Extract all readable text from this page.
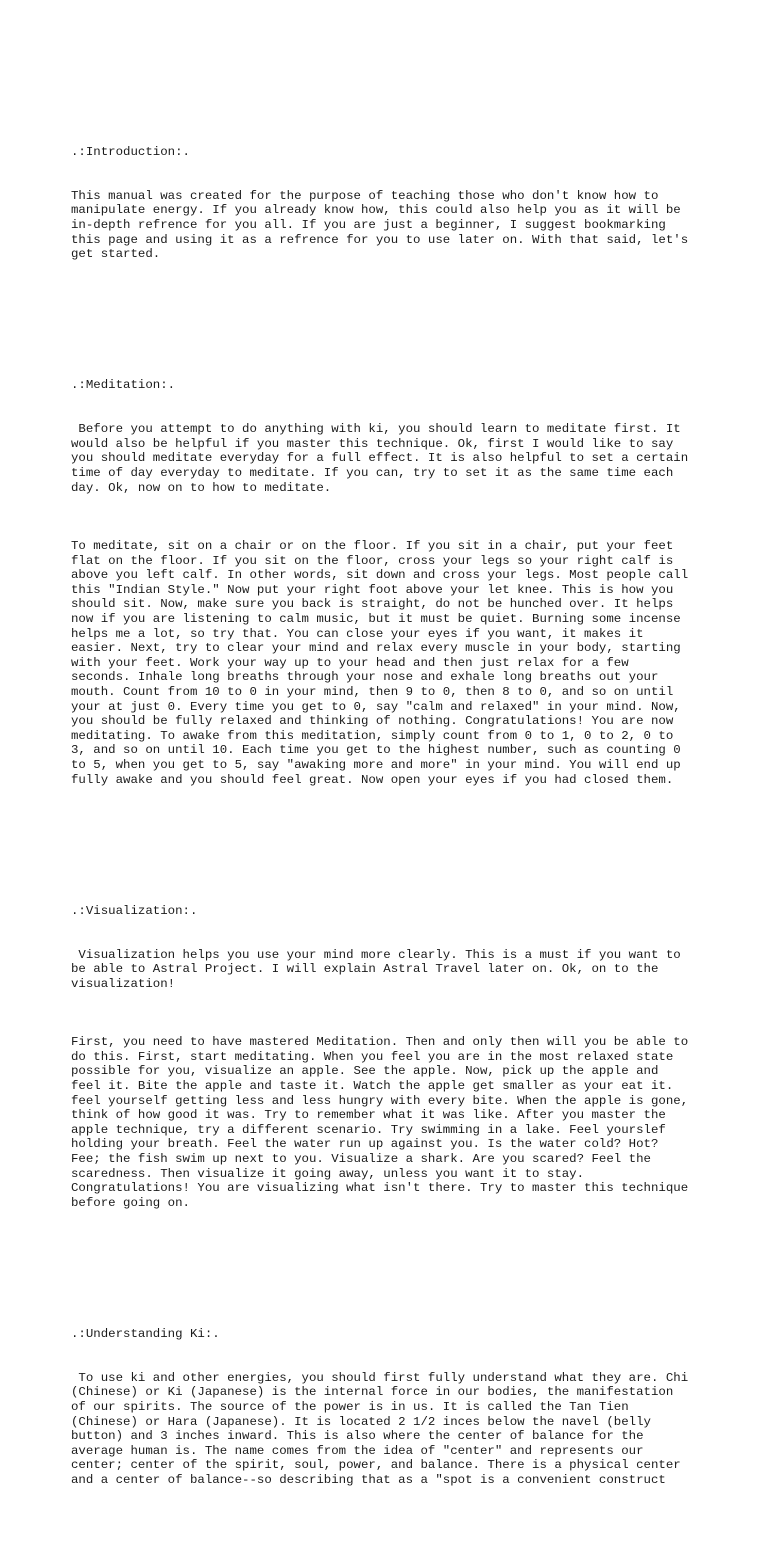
.:Introduction:.

This manual was created for the purpose of teaching those who don't know how to
manipulate energy. If you already know how, this could also help you as it will be
in-depth refrence for you all. If you are just a beginner, I suggest bookmarking
this page and using it as a refrence for you to use later on. With that said, let's
get started.

.:Meditation:.

Before you attempt to do anything with ki, you should learn to meditate first. It
would also be helpful if you master this technique. Ok, first I would like to say
you should meditate everyday for a full effect. It is also helpful to set a certain
time of day everyday to meditate. If you can, try to set it as the same time each
day. Ok, now on to how to meditate.

To meditate, sit on a chair or on the floor. If you sit in a chair, put your feet
flat on the floor. If you sit on the floor, cross your legs so your right calf is
above you left calf. In other words, sit down and cross your legs. Most people call
this "Indian Style." Now put your right foot above your let knee. This is how you
should sit. Now, make sure you back is straight, do not be hunched over. It helps
now if you are listening to calm music, but it must be quiet. Burning some incense
helps me a lot, so try that. You can close your eyes if you want, it makes it
easier. Next, try to clear your mind and relax every muscle in your body, starting
with your feet. Work your way up to your head and then just relax for a few
seconds. Inhale long breaths through your nose and exhale long breaths out your
mouth. Count from 10 to 0 in your mind, then 9 to 0, then 8 to 0, and so on until
your at just 0. Every time you get to 0, say "calm and relaxed" in your mind. Now,
you should be fully relaxed and thinking of nothing. Congratulations! You are now
meditating. To awake from this meditation, simply count from 0 to 1, 0 to 2, 0 to
3, and so on until 10. Each time you get to the highest number, such as counting 0
to 5, when you get to 5, say "awaking more and more" in your mind. You will end up
fully awake and you should feel great. Now open your eyes if you had closed them.

.:Visualization:.

Visualization helps you use your mind more clearly. This is a must if you want to
be able to Astral Project. I will explain Astral Travel later on. Ok, on to the
visualization!

First, you need to have mastered Meditation. Then and only then will you be able to
do this. First, start meditating. When you feel you are in the most relaxed state
possible for you, visualize an apple. See the apple. Now, pick up the apple and
feel it. Bite the apple and taste it. Watch the apple get smaller as your eat it.
feel yourself getting less and less hungry with every bite. When the apple is gone,
think of how good it was. Try to remember what it was like. After you master the
apple technique, try a different scenario. Try swimming in a lake. Feel yourslef
holding your breath. Feel the water run up against you. Is the water cold? Hot?
Fee; the fish swim up next to you. Visualize a shark. Are you scared? Feel the
scaredness. Then visualize it going away, unless you want it to stay.
Congratulations! You are visualizing what isn't there. Try to master this technique
before going on.

.:Understanding Ki:.

To use ki and other energies, you should first fully understand what they are. Chi
(Chinese) or Ki (Japanese) is the internal force in our bodies, the manifestation
of our spirits. The source of the power is in us. It is called the Tan Tien
(Chinese) or Hara (Japanese). It is located 2 1/2 inces below the navel (belly
button) and 3 inches inward. This is also where the center of balance for the
average human is. The name comes from the idea of "center" and represents our
center; center of the spirit, soul, power, and balance. There is a physical center
and a center of balance--so describing that as a "spot is a convenient construct
